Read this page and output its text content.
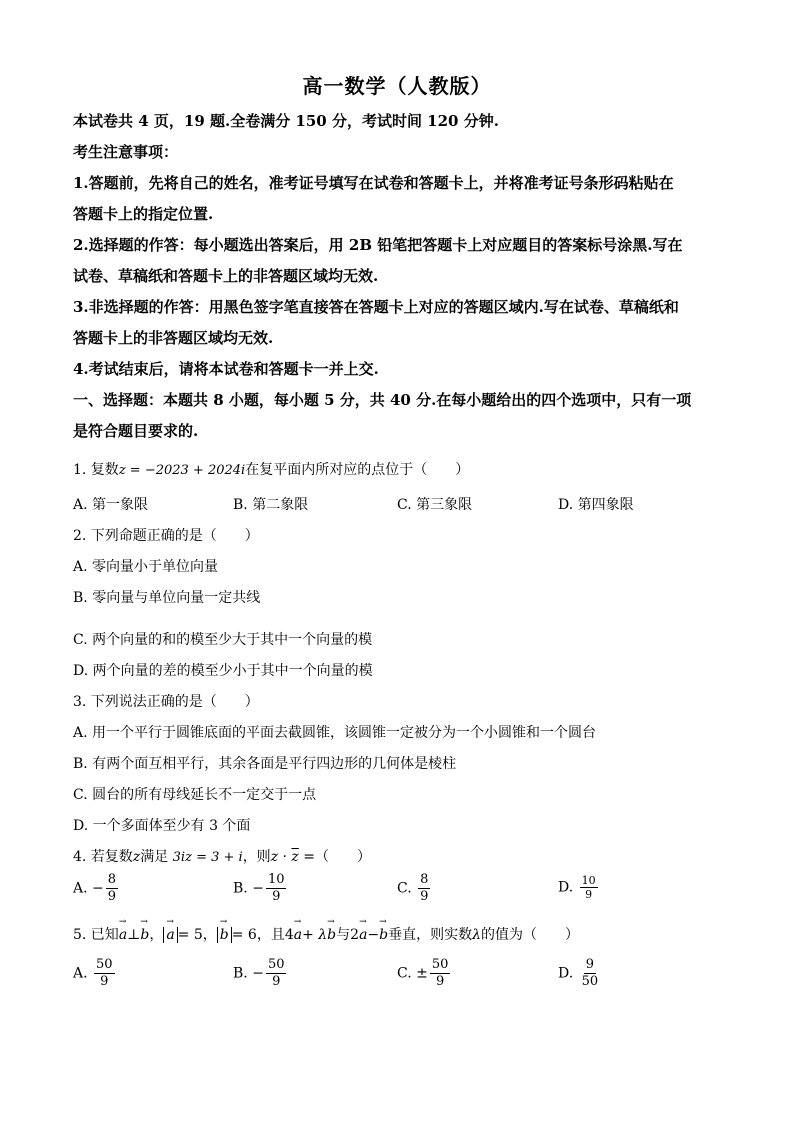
高一数学（人教版）
本试卷共 4 页，19 题.全卷满分 150 分，考试时间 120 分钟.
考生注意事项：
1.答题前，先将自己的姓名，准考证号填写在试卷和答题卡上，并将准考证号条形码粘贴在
答题卡上的指定位置.
2.选择题的作答：每小题选出答案后，用 2B 铅笔把答题卡上对应题目的答案标号涂黑.写在
试卷、草稿纸和答题卡上的非答题区域均无效.
3.非选择题的作答：用黑色签字笔直接答在答题卡上对应的答题区域内.写在试卷、草稿纸和
答题卡上的非答题区域均无效.
4.考试结束后，请将本试卷和答题卡一并上交.
一、选择题：本题共 8 小题，每小题 5 分，共 40 分.在每小题给出的四个选项中，只有一项
是符合题目要求的.
1. 复数z = −2023 + 2024i在复平面内所对应的点位于（　　）
A. 第一象限	B. 第二象限	C. 第三象限	D. 第四象限
2. 下列命题正确的是（　　）
A. 零向量小于单位向量
B. 零向量与单位向量一定共线
C. 两个向量的和的模至少大于其中一个向量的模
D. 两个向量的差的模至少小于其中一个向量的模
3. 下列说法正确的是（　　）
A. 用一个平行于圆锥底面的平面去截圆锥，该圆锥一定被分为一个小圆锥和一个圆台
B. 有两个面互相平行，其余各面是平行四边形的几何体是棱柱
C. 圆台的所有母线延长不一定交于一点
D. 一个多面体至少有 3 个面
4. 若复数z满足 3iz = 3 + i，则$z \cdot \overline{z}$ =（　　）
A. − $\frac{8}{9}$	B. − $\frac{10}{9}$	C. $\frac{8}{9}$	D. $\frac{10}{9}$
5. 已知→ a⊥→ b， → a = 5， → b = 6，且4→ a+ λ→ b与2→ a−→ b垂直，则实数λ的值为（　　）
A. $\frac{50}{9}$	B. − $\frac{50}{9}$	C. ± $\frac{50}{9}$	D. $\frac{9}{50}$
